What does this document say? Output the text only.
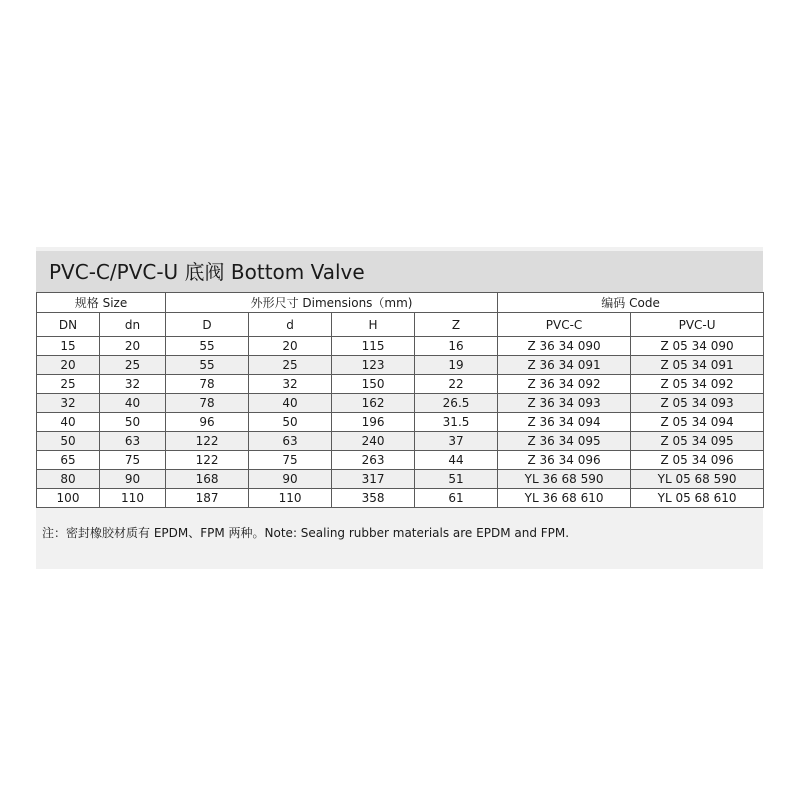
PVC-C/PVC-U 底阀 Bottom Valve
规格 Size		外形尺寸 Dimensions（mm)				编码 Code	
DN	dn	D	d	H	Z	PVC-C	PVC-U
15	20	55	20	115	16	Z 36 34 090	Z 05 34 090
20	25	55	25	123	19	Z 36 34 091	Z 05 34 091
25	32	78	32	150	22	Z 36 34 092	Z 05 34 092
32	40	78	40	162	26.5	Z 36 34 093	Z 05 34 093
40	50	96	50	196	31.5	Z 36 34 094	Z 05 34 094
50	63	122	63	240	37	Z 36 34 095	Z 05 34 095
65	75	122	75	263	44	Z 36 34 096	Z 05 34 096
80	90	168	90	317	51	YL 36 68 590	YL 05 68 590
100	110	187	110	358	61	YL 36 68 610	YL 05 68 610
注：密封橡胶材质有 EPDM、FPM 两种。Note: Sealing rubber materials are EPDM and FPM.
